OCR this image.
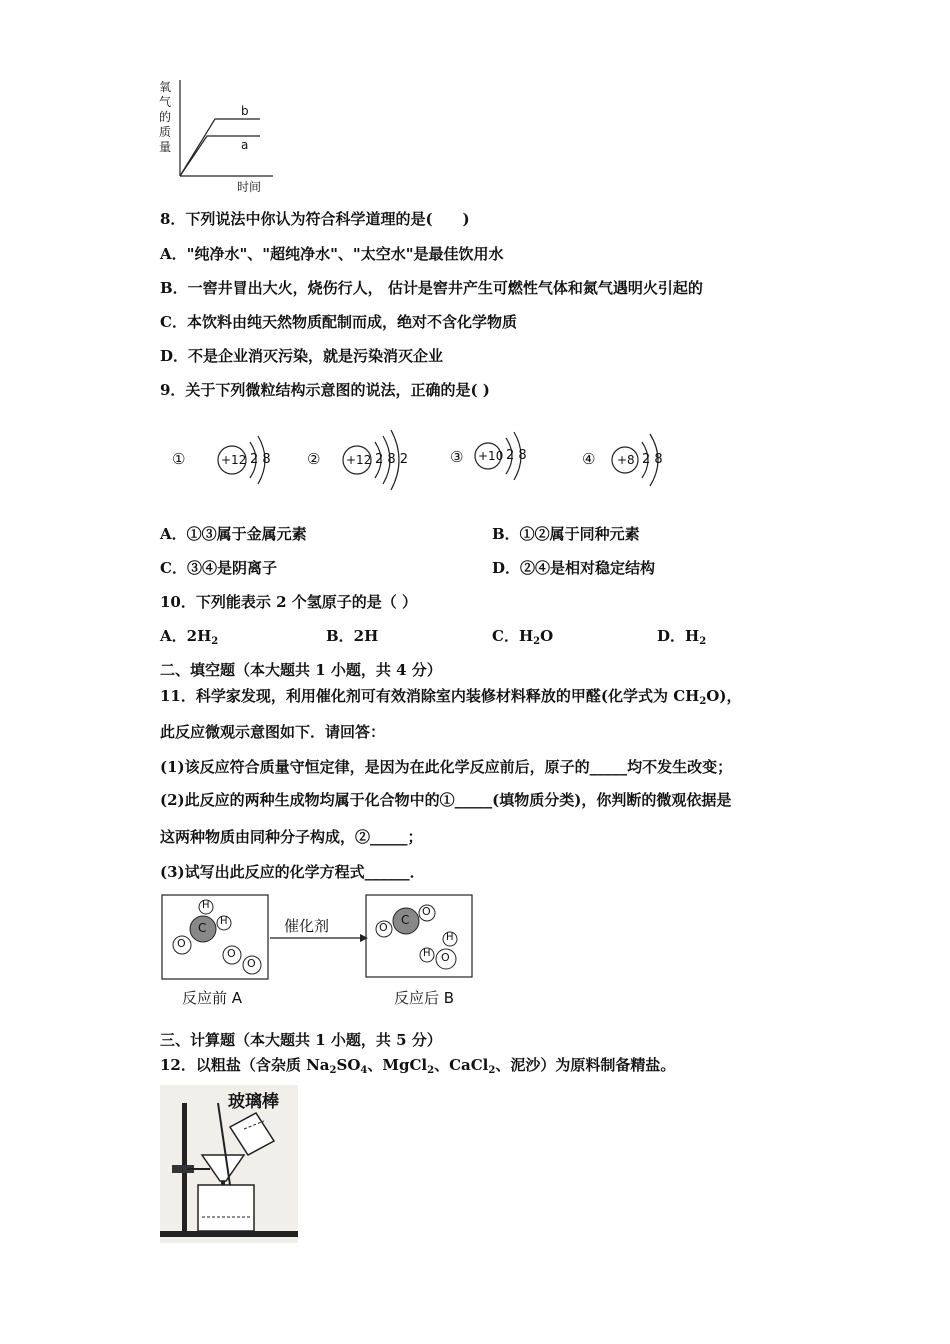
氧
气
的
质
量
b
a
时间
8．下列说法中你认为符合科学道理的是(　　)
A．"纯净水"、"超纯净水"、"太空水"是最佳饮用水
B．一窖井冒出大火，烧伤行人， 估计是窖井产生可燃性气体和氮气遇明火引起的
C．本饮料由纯天然物质配制而成，绝对不含化学物质
D．不是企业消灭污染，就是污染消灭企业
9．关于下列微粒结构示意图的说法，正确的是( )
①	+12 2 8 ② +12 2 8 2	③ +10 2 8	④ +8 2 8
A．①③属于金属元素	B．①②属于同种元素
C．③④是阴离子	D．②④是相对稳定结构
10．下列能表示 2 个氢原子的是（ ）
A．$2H_2$	B．2H	C．$H_2O$	D．$H_2$
二、填空题（本大题共 1 小题，共 4 分）
11．科学家发现，利用催化剂可有效消除室内装修材料释放的甲醛(化学式为 $CH_2O$)，
此反应微观示意图如下．请回答：
(1)该反应符合质量守恒定律，是因为在此化学反应前后，原子的_____均不发生改变；
(2)此反应的两种生成物均属于化合物中的①_____(填物质分类)，你判断的微观依据是
这两种物质由同种分子构成，②_____；
(3)试写出此反应的化学方程式______．
C
H
H
O
O
O
催化剂	C
O
O
O
H
H
反应前 A	反应后 B
三、计算题（本大题共 1 小题，共 5 分）
12．以粗盐（含杂质 $Na_2SO_4$、MgCl$_2$、CaCl$_2$、泥沙）为原料制备精盐。
玻璃棒
